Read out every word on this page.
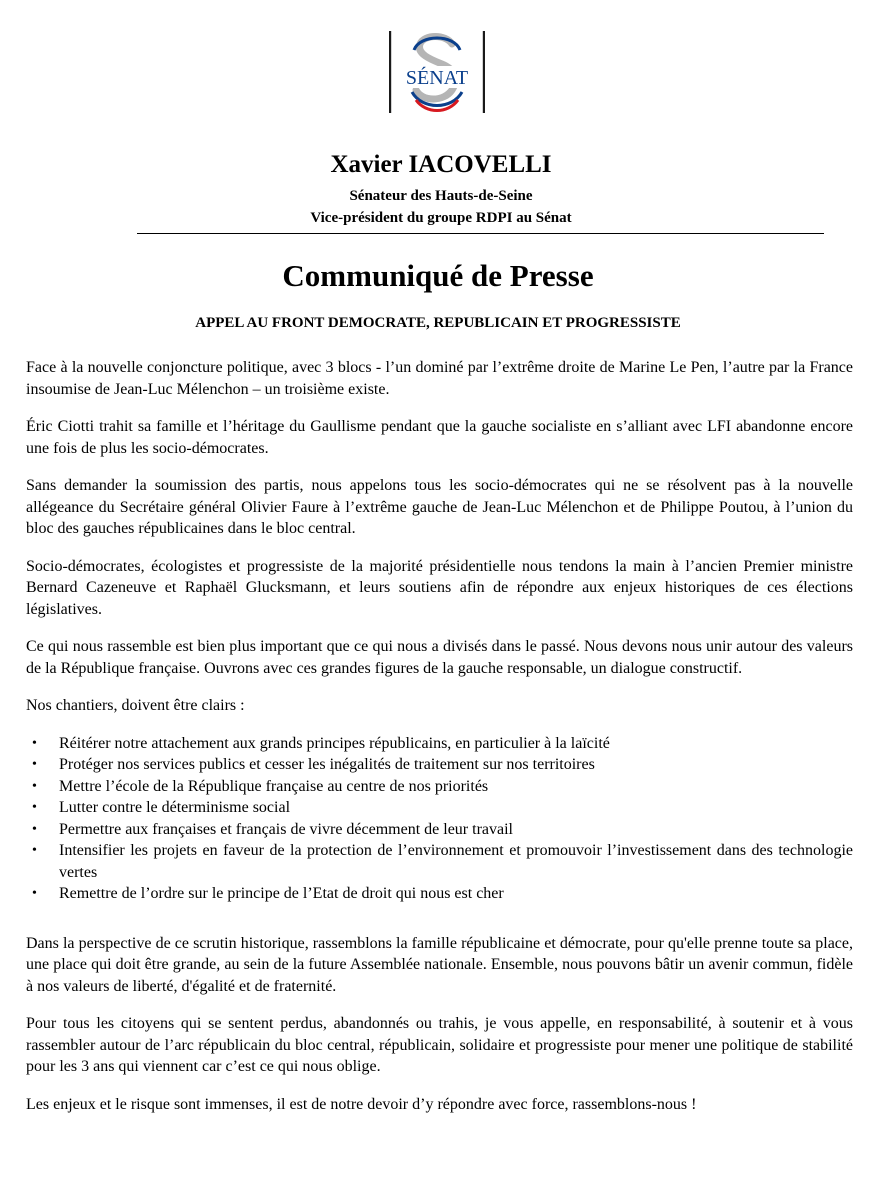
SÉNAT

Xavier IACOVELLI

Sénateur des Hauts-de-Seine

Vice-président du groupe RDPI au Sénat

Communiqué de Presse
APPEL AU FRONT DEMOCRATE, REPUBLICAIN ET PROGRESSISTE

Face à la nouvelle conjoncture politique, avec 3 blocs - l’un dominé par l’extrême droite de Marine Le Pen, l’autre par la France insoumise de Jean-Luc Mélenchon – un troisième existe.

Éric Ciotti trahit sa famille et l’héritage du Gaullisme pendant que la gauche socialiste en s’alliant avec LFI abandonne encore une fois de plus les socio-démocrates.

Sans demander la soumission des partis, nous appelons tous les socio-démocrates qui ne se résolvent pas à la nouvelle allégeance du Secrétaire général Olivier Faure à l’extrême gauche de Jean-Luc Mélenchon et de Philippe Poutou, à l’union du bloc des gauches républicaines dans le bloc central.

Socio-démocrates, écologistes et progressiste de la majorité présidentielle nous tendons la main à l’ancien Premier ministre Bernard Cazeneuve et Raphaël Glucksmann, et leurs soutiens afin de répondre aux enjeux historiques de ces élections législatives.

Ce qui nous rassemble est bien plus important que ce qui nous a divisés dans le passé. Nous devons nous unir autour des valeurs de la République française. Ouvrons avec ces grandes figures de la gauche responsable, un dialogue constructif.

Nos chantiers, doivent être clairs :

• Réitérer notre attachement aux grands principes républicains, en particulier à la laïcité
• Protéger nos services publics et cesser les inégalités de traitement sur nos territoires
• Mettre l’école de la République française au centre de nos priorités
• Lutter contre le déterminisme social
• Permettre aux françaises et français de vivre décemment de leur travail
• Intensifier les projets en faveur de la protection de l’environnement et promouvoir l’investissement dans des technologie vertes
• Remettre de l’ordre sur le principe de l’Etat de droit qui nous est cher

Dans la perspective de ce scrutin historique, rassemblons la famille républicaine et démocrate, pour qu'elle prenne toute sa place, une place qui doit être grande, au sein de la future Assemblée nationale. Ensemble, nous pouvons bâtir un avenir commun, fidèle à nos valeurs de liberté, d'égalité et de fraternité.

Pour tous les citoyens qui se sentent perdus, abandonnés ou trahis, je vous appelle, en responsabilité, à soutenir et à vous rassembler autour de l’arc républicain du bloc central, républicain, solidaire et progressiste pour mener une politique de stabilité pour les 3 ans qui viennent car c’est ce qui nous oblige.

Les enjeux et le risque sont immenses, il est de notre devoir d’y répondre avec force, rassemblons-nous !
